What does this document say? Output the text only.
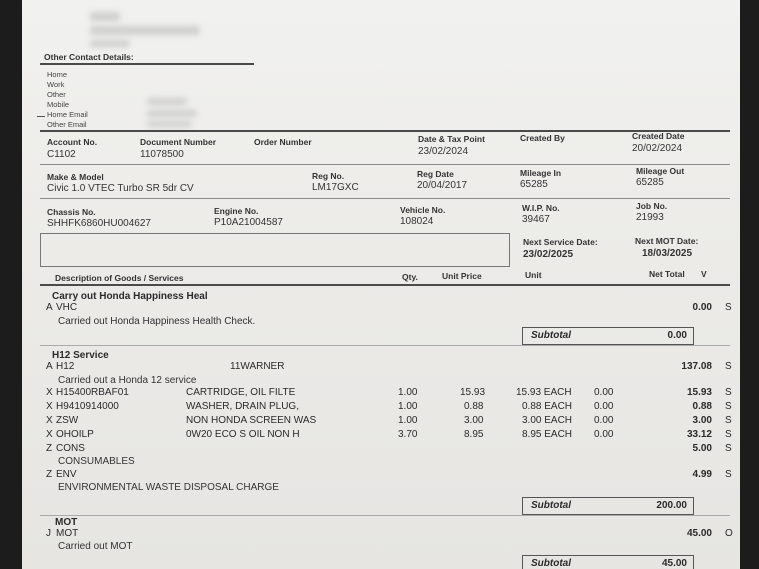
Other Contact Details:
Home
Work
Other
Mobile
Home Email
Other Email
Account No.
C1102
Document Number
11078500
Order Number	Date & Tax Point
23/02/2024
Created By	Created Date
20/02/2024
Make & Model
Civic 1.0 VTEC Turbo SR 5dr CV
Reg No.
LM17GXC
Reg Date
20/04/2017
Mileage In
65285
Mileage Out
65285
Chassis No.
SHHFK6860HU004627
Engine No.
P10A21004587
Vehicle No.
108024
W.I.P. No.
39467
Job No.
21993
Next Service Date:
23/02/2025
Next MOT Date:
18/03/2025
Description of Goods / Services	Qty.	Unit Price	Unit	Net Total V
Carry out Honda Happiness Heal
A VHC	0.00 S
Carried out Honda Happiness Health Check.
Subtotal	0.00
H12 Service
A H12	11WARNER	137.08 S
Carried out a Honda 12 service
X H15400RBAF01	CARTRIDGE, OIL FILTE	1.00	15.93	15.93 EACH 0.00	15.93 S
X H9410914000	WASHER, DRAIN PLUG,	1.00	0.88	0.88 EACH 0.00	0.88 S
X ZSW	NON HONDA SCREEN WAS	1.00	3.00	3.00 EACH 0.00	3.00 S
X OHOILP	0W20 ECO S OIL NON H	3.70	8.95	8.95 EACH 0.00	33.12 S
Z CONS	5.00 S
CONSUMABLES
Z ENV	4.99 S
ENVIRONMENTAL WASTE DISPOSAL CHARGE
Subtotal	200.00
MOT
J MOT	45.00 O
Carried out MOT
Subtotal	45.00
